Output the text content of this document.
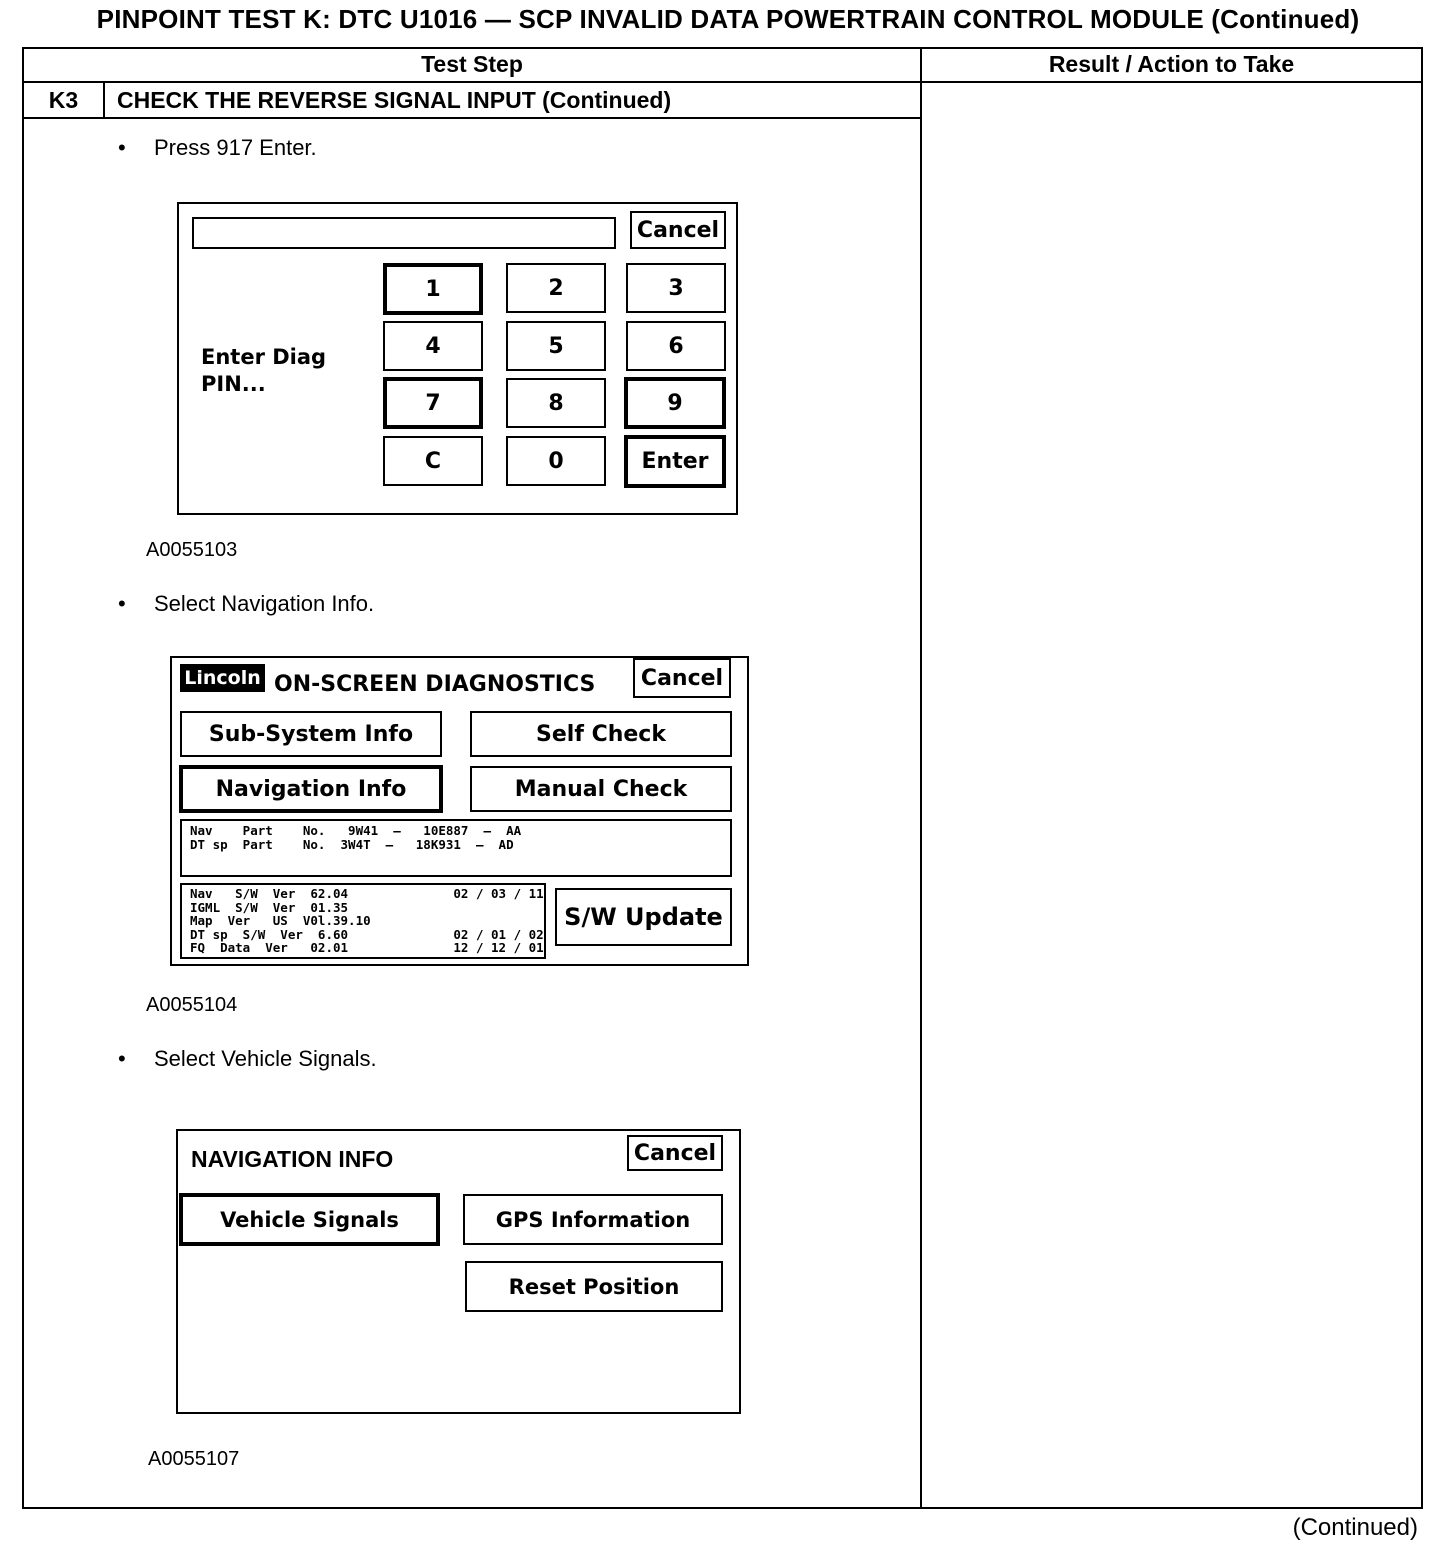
PINPOINT TEST K: DTC U1016 — SCP INVALID DATA POWERTRAIN CONTROL MODULE (Continued)
Test Step	Result / Action to Take
K3	CHECK THE REVERSE SIGNAL INPUT (Continued)
• Press 917 Enter.
Cancel
Enter Diag
PIN...
1	2	3
4	5	6
7	8	9
C	0	Enter
A0055103
• Select Navigation Info.
Lincoln ON-SCREEN DIAGNOSTICS	Cancel
Sub-System Info	Self Check
Navigation Info	Manual Check
Nav    Part    No.   9W41  –   10E887  –  AA
DT sp  Part    No.  3W4T  –   18K931  –  AD
Nav   S/W  Ver  62.04              02 / 03 / 11
IGML  S/W  Ver  01.35
Map  Ver   US  V0l.39.10
DT sp  S/W  Ver  6.60              02 / 01 / 02
FQ  Data  Ver   02.01              12 / 12 / 01
S/W Update
A0055104
• Select Vehicle Signals.
NAVIGATION INFO	Cancel
Vehicle Signals	GPS Information
Reset Position
A0055107
(Continued)
